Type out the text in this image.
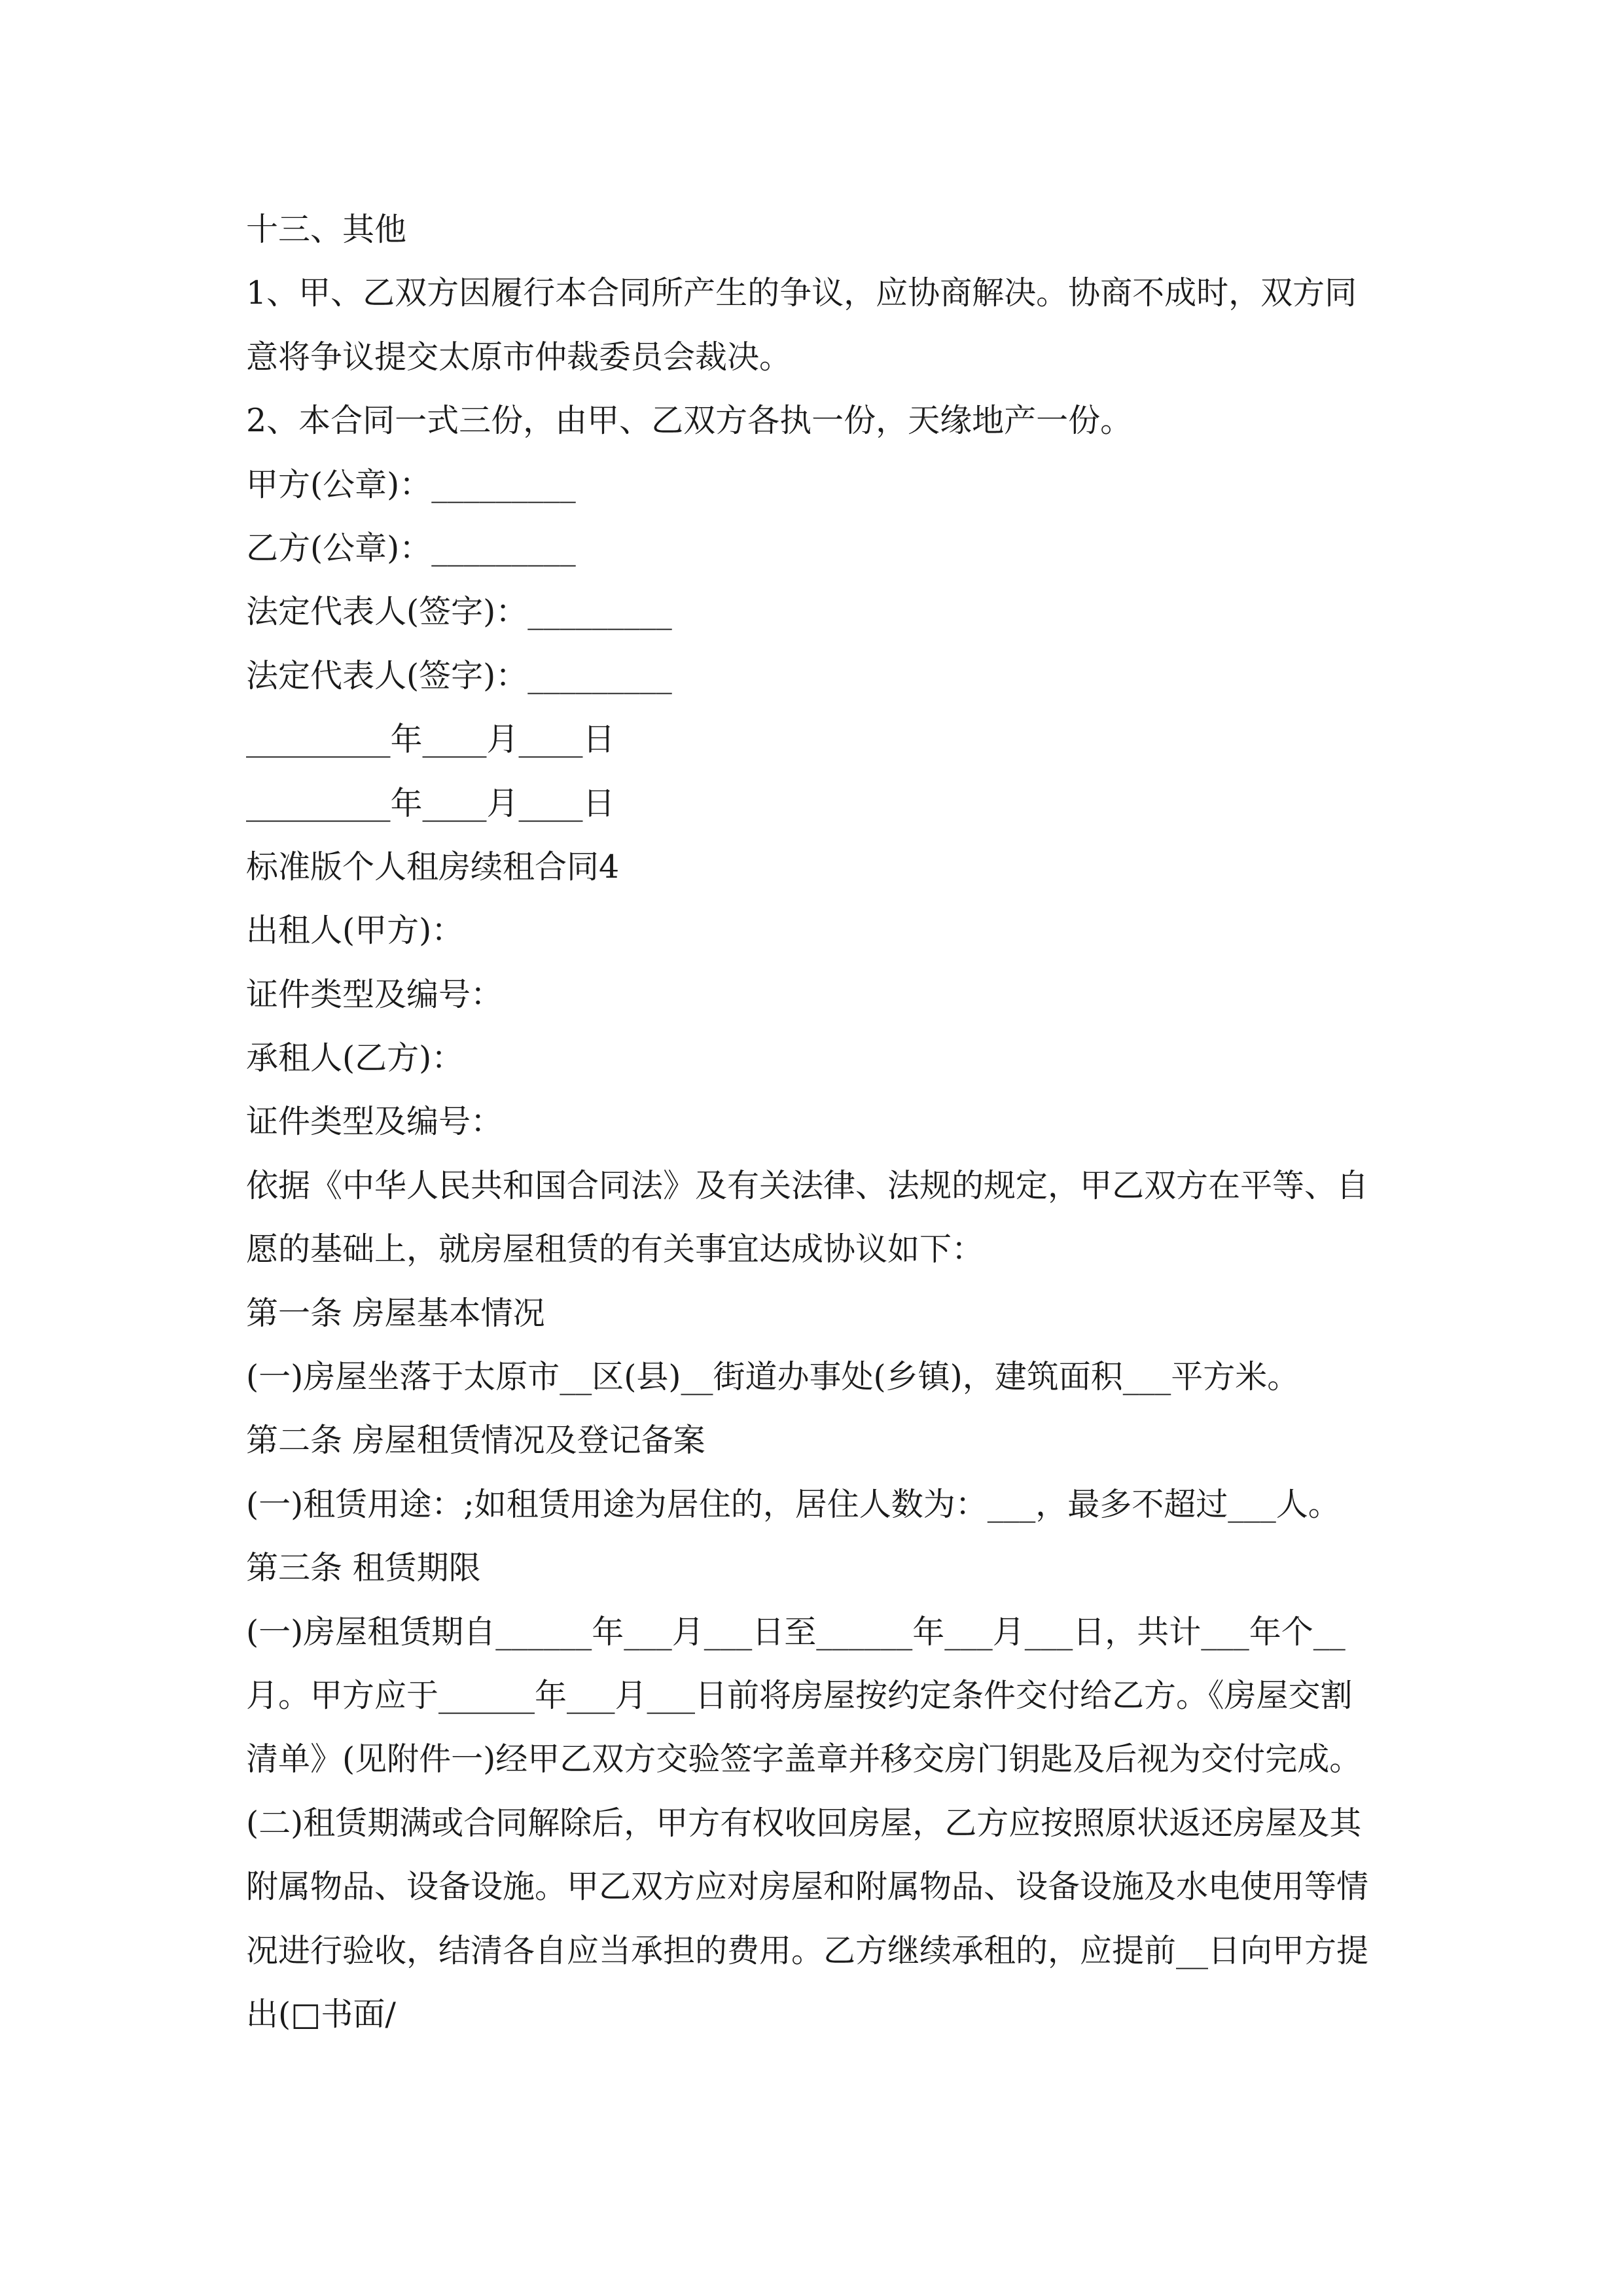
十三、其他
1、甲、乙双方因履行本合同所产生的争议，应协商解决。协商不成时，双方同
意将争议提交太原市仲裁委员会裁决。
2、本合同一式三份，由甲、乙双方各执一份，天缘地产一份。
甲方(公章)：_________
乙方(公章)：_________
法定代表人(签字)：_________
法定代表人(签字)：_________
_________年____月____日
_________年____月____日
标准版个人租房续租合同4
出租人(甲方)：
证件类型及编号：
承租人(乙方)：
证件类型及编号：
依据《中华人民共和国合同法》及有关法律、法规的规定，甲乙双方在平等、自
愿的基础上，就房屋租赁的有关事宜达成协议如下：
第一条 房屋基本情况
(一)房屋坐落于太原市__区(县)__街道办事处(乡镇)，建筑面积___平方米。
第二条 房屋租赁情况及登记备案
(一)租赁用途：;如租赁用途为居住的，居住人数为：___，最多不超过___人。
第三条 租赁期限
(一)房屋租赁期自______年___月___日至______年___月___日，共计___年个__
月。甲方应于______年___月___日前将房屋按约定条件交付给乙方。《房屋交割
清单》(见附件一)经甲乙双方交验签字盖章并移交房门钥匙及后视为交付完成。
(二)租赁期满或合同解除后，甲方有权收回房屋，乙方应按照原状返还房屋及其
附属物品、设备设施。甲乙双方应对房屋和附属物品、设备设施及水电使用等情
况进行验收，结清各自应当承担的费用。乙方继续承租的，应提前__日向甲方提
出(□书面/
